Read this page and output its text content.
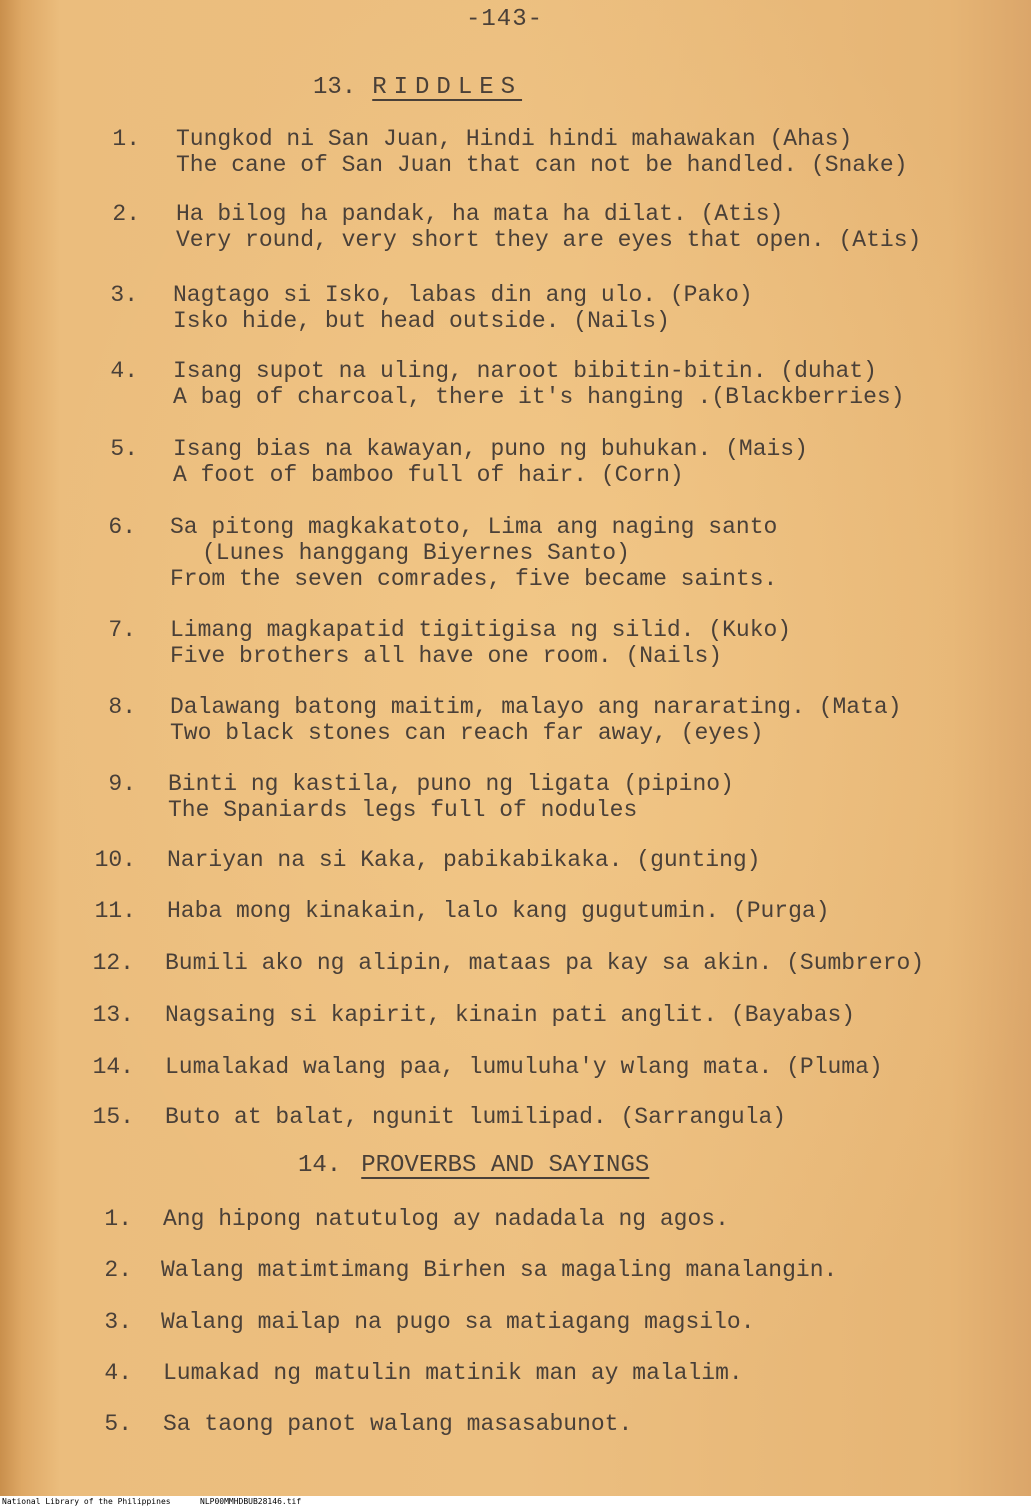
-143-
13. RIDDLES
1. Tungkod ni San Juan, Hindi hindi mahawakan (Ahas)
The cane of San Juan that can not be handled. (Snake)
2. Ha bilog ha pandak, ha mata ha dilat. (Atis)
Very round, very short they are eyes that open. (Atis)
3. Nagtago si Isko, labas din ang ulo. (Pako)
Isko hide, but head outside. (Nails)
4. Isang supot na uling, naroot bibitin-bitin. (duhat)
A bag of charcoal, there it's hanging .(Blackberries)
5. Isang bias na kawayan, puno ng buhukan. (Mais)
A foot of bamboo full of hair. (Corn)
6. Sa pitong magkakatoto, Lima ang naging santo
(Lunes hanggang Biyernes Santo)
From the seven comrades, five became saints.
7. Limang magkapatid tigitigisa ng silid. (Kuko)
Five brothers all have one room. (Nails)
8. Dalawang batong maitim, malayo ang nararating. (Mata)
Two black stones can reach far away, (eyes)
9. Binti ng kastila, puno ng ligata (pipino)
The Spaniards legs full of nodules
10. Nariyan na si Kaka, pabikabikaka. (gunting)
11. Haba mong kinakain, lalo kang gugutumin. (Purga)
12. Bumili ako ng alipin, mataas pa kay sa akin. (Sumbrero)
13. Nagsaing si kapirit, kinain pati anglit. (Bayabas)
14. Lumalakad walang paa, lumuluha'y wlang mata. (Pluma)
15. Buto at balat, ngunit lumilipad. (Sarrangula)
14. PROVERBS AND SAYINGS
1. Ang hipong natutulog ay nadadala ng agos.
2. Walang matimtimang Birhen sa magaling manalangin.
3. Walang mailap na pugo sa matiagang magsilo.
4. Lumakad ng matulin matinik man ay malalim.
5. Sa taong panot walang masasabunot.
National Library of the Philippines	NLP00MMHDBUB28146.tif
